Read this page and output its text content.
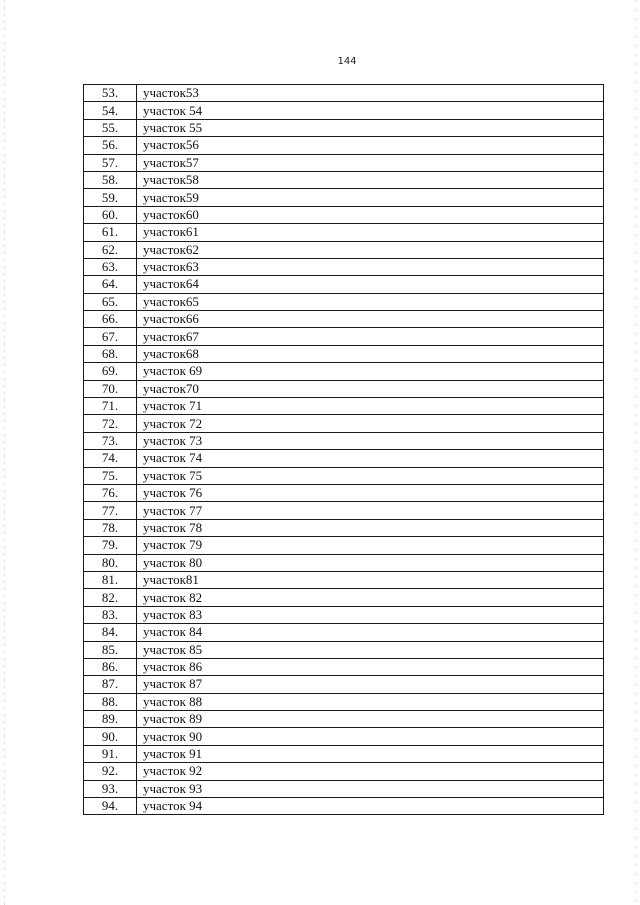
144
53.	участок53
54.	участок 54
55.	участок 55
56.	участок56
57.	участок57
58.	участок58
59.	участок59
60.	участок60
61.	участок61
62.	участок62
63.	участок63
64.	участок64
65.	участок65
66.	участок66
67.	участок67
68.	участок68
69.	участок 69
70.	участок70
71.	участок 71
72.	участок 72
73.	участок 73
74.	участок 74
75.	участок 75
76.	участок 76
77.	участок 77
78.	участок 78
79.	участок 79
80.	участок 80
81.	участок81
82.	участок 82
83.	участок 83
84.	участок 84
85.	участок 85
86.	участок 86
87.	участок 87
88.	участок 88
89.	участок 89
90.	участок 90
91.	участок 91
92.	участок 92
93.	участок 93
94.	участок 94
